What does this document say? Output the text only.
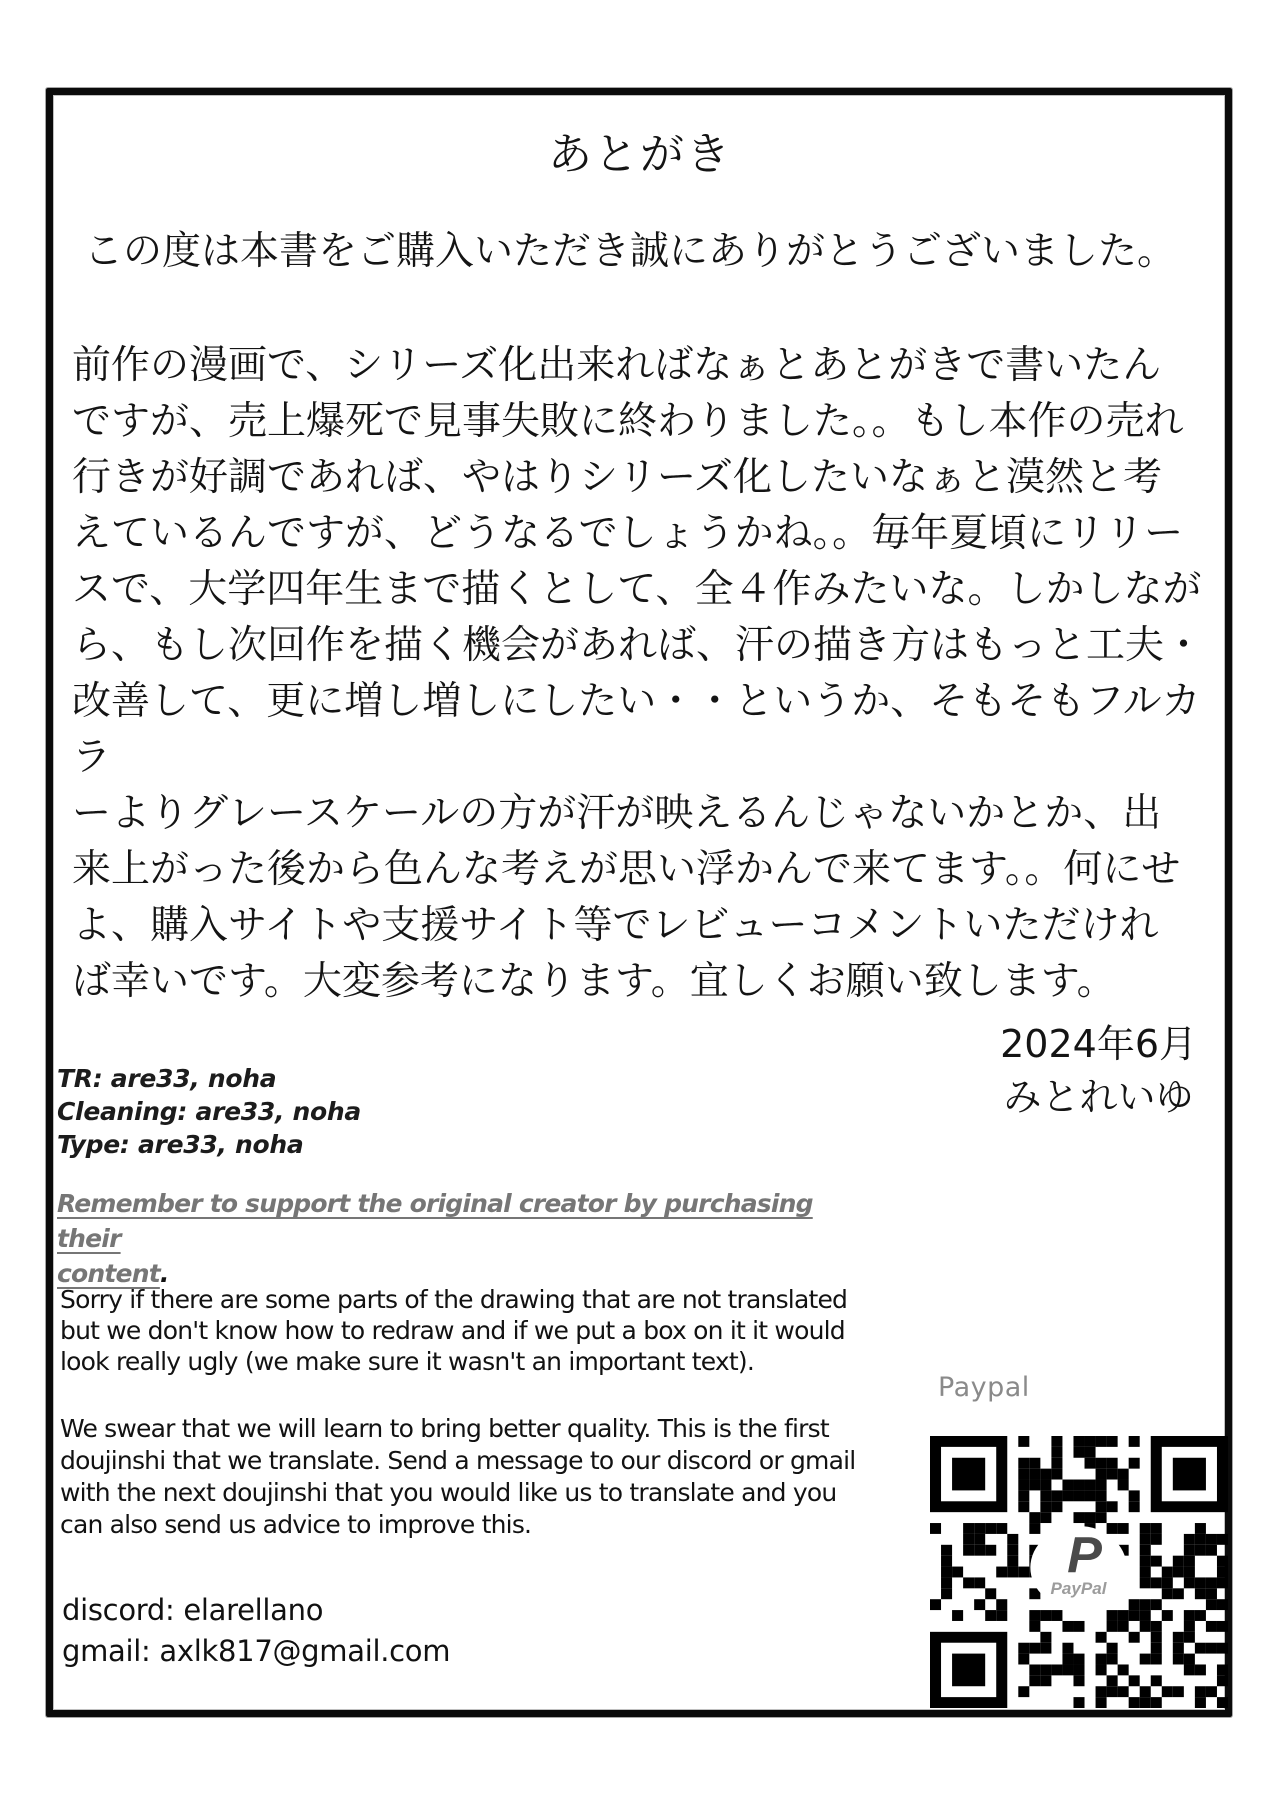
あとがき
この度は本書をご購入いただき誠にありがとうございました。
前作の漫画で、シリーズ化出来ればなぁとあとがきで書いたん
ですが、売上爆死で見事失敗に終わりました。。もし本作の売れ
行きが好調であれば、やはりシリーズ化したいなぁと漠然と考
えているんですが、どうなるでしょうかね。。毎年夏頃にリリー
スで、大学四年生まで描くとして、全４作みたいな。しかしなが
ら、もし次回作を描く機会があれば、汗の描き方はもっと工夫・
改善して、更に増し増しにしたい・・というか、そもそもフルカラ
ーよりグレースケールの方が汗が映えるんじゃないかとか、出
来上がった後から色んな考えが思い浮かんで来てます。。何にせ
よ、購入サイトや支援サイト等でレビューコメントいただけれ
ば幸いです。大変参考になります。宜しくお願い致します。
2024年6月
みとれいゆ
TR: are33, noha
Cleaning: are33, noha
Type: are33, noha
Remember to support the original creator by purchasing their
content.
Sorry if there are some parts of the drawing that are not translated
but we don't know how to redraw and if we put a box on it it would
look really ugly (we make sure it wasn't an important text).
Paypal
We swear that we will learn to bring better quality. This is the first
doujinshi that we translate. Send a message to our discord or gmail
with the next doujinshi that you would like us to translate and you
can also send us advice to improve this.
P
PayPal
discord: elarellano
gmail: axlk817@gmail.com
